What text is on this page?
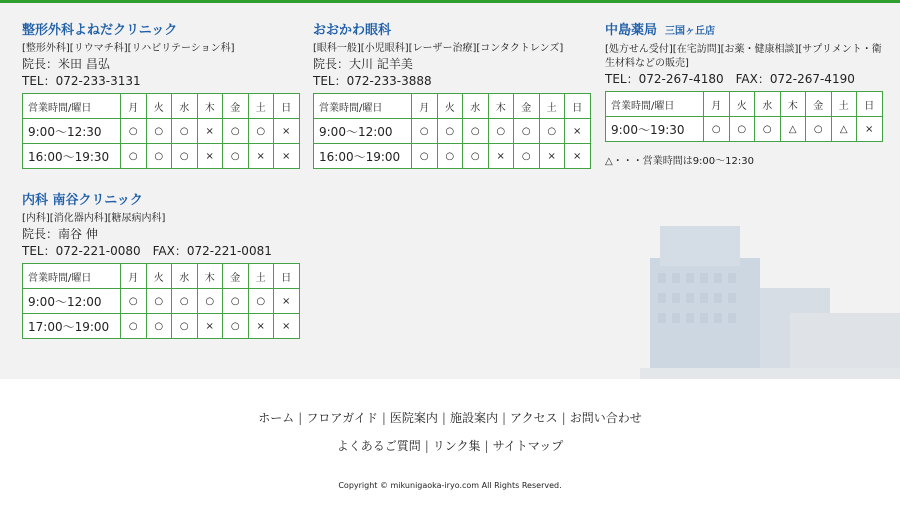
整形外科よねだクリニック
[整形外科][リウマチ科][リハビリテーション科]
院長：米田 昌弘
TEL：072-233-3131
営業時間/曜日	月	火	水	木	金	土	日
9:00〜12:30	○	○	○	×	○	○	×
16:00〜19:30	○	○	○	×	○	×	×
おおかわ眼科
[眼科一般][小児眼科][レーザー治療][コンタクトレンズ]
院長：大川 記羊美
TEL：072-233-3888
営業時間/曜日	月	火	水	木	金	土	日
9:00〜12:00	○	○	○	○	○	○	×
16:00〜19:00	○	○	○	×	○	×	×
中島薬局 三国ヶ丘店
[処方せん受付][在宅訪問][お薬・健康相談][サプリメント・衛
生材料などの販売]
TEL：072-267-4180　FAX：072-267-4190
営業時間/曜日	月	火	水	木	金	土	日
9:00〜19:30	○	○	○	△	○	△	×
△・・・営業時間は9:00〜12:30
内科 南谷クリニック
[内科][消化器内科][糖尿病内科]
院長：南谷 伸
TEL：072-221-0080　FAX：072-221-0081
営業時間/曜日	月	火	水	木	金	土	日
9:00〜12:00	○	○	○	○	○	○	×
17:00〜19:00	○	○	○	×	○	×	×
ホーム | フロアガイド | 医院案内 | 施設案内 | アクセス | お問い合わせ
よくあるご質問 | リンク集 | サイトマップ
Copyright © mikunigaoka-iryo.com All Rights Reserved.
